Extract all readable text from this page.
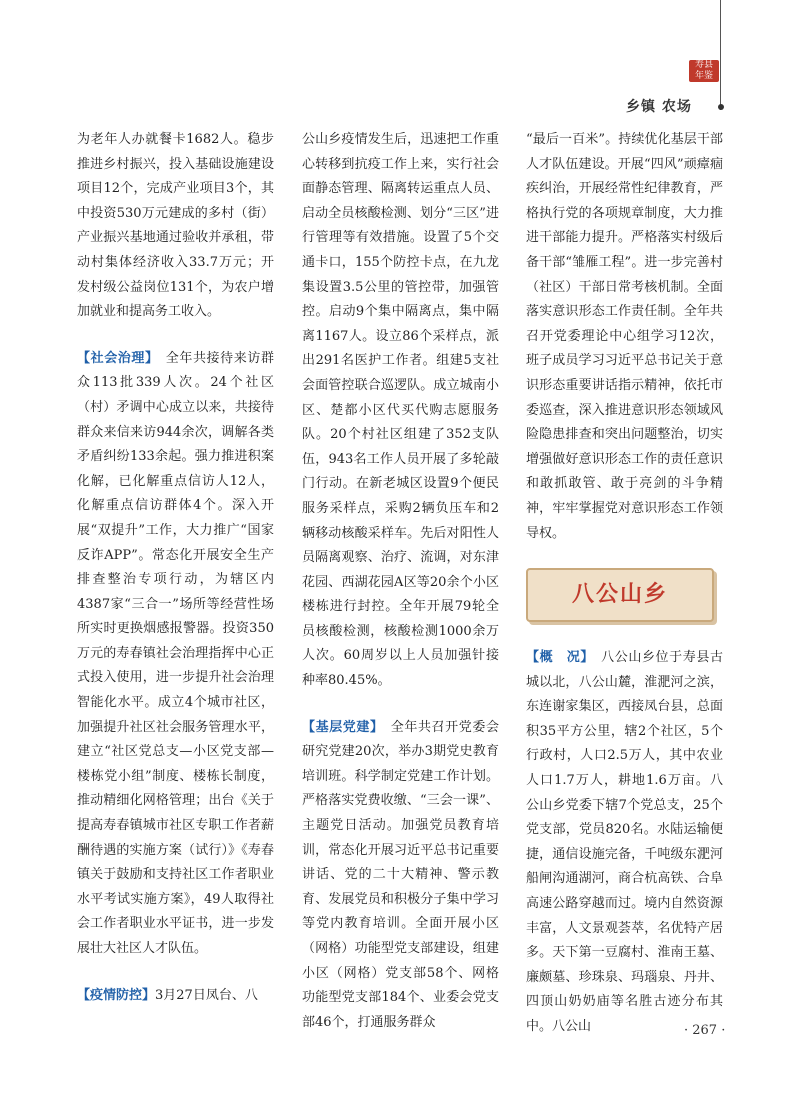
寿县
年鉴
乡镇 农场

为老年人办就餐卡1682人。稳步推进乡村振兴，投入基础设施建设项目12个，完成产业项目3个，其中投资530万元建成的多村（街）产业振兴基地通过验收并承租，带动村集体经济收入33.7万元；开发村级公益岗位131个，为农户增加就业和提高务工收入。

【社会治理】　 全年共接待来访群众113批339人次。24个社区（村）矛调中心成立以来，共接待群众来信来访944余次，调解各类矛盾纠纷133余起。强力推进积案化解，已化解重点信访人12人，化解重点信访群体4个。深入开展“双提升”工作，大力推广“国家反诈APP”。常态化开展安全生产排查整治专项行动，为辖区内4387家“三合一”场所等经营性场所实时更换烟感报警器。投资350万元的寿春镇社会治理指挥中心正式投入使用，进一步提升社会治理智能化水平。成立4个城市社区，加强提升社区社会服务管理水平，建立“社区党总支—小区党支部—楼栋党小组”制度、楼栋长制度，推动精细化网格管理；出台《关于提高寿春镇城市社区专职工作者薪酬待遇的实施方案（试行）》《寿春镇关于鼓励和支持社区工作者职业水平考试实施方案》，49人取得社会工作者职业水平证书，进一步发展壮大社区人才队伍。

【疫情防控】3月27日凤台、八

公山乡疫情发生后，迅速把工作重心转移到抗疫工作上来，实行社会面静态管理、隔离转运重点人员、启动全员核酸检测、划分“三区”进行管理等有效措施。设置了5个交通卡口，155个防控卡点，在九龙集设置3.5公里的管控带，加强管控。启动9个集中隔离点，集中隔离1167人。设立86个采样点，派出291名医护工作者。组建5支社会面管控联合巡逻队。成立城南小区、楚都小区代买代购志愿服务队。20个村社区组建了352支队伍，943名工作人员开展了多轮敲门行动。在新老城区设置9个便民服务采样点，采购2辆负压车和2辆移动核酸采样车。先后对阳性人员隔离观察、治疗、流调，对东津花园、西湖花园A区等20余个小区楼栋进行封控。全年开展79轮全员核酸检测，核酸检测1000余万人次。60周岁以上人员加强针接种率80.45%。

【基层党建】　 全年共召开党委会研究党建20次，举办3期党史教育培训班。科学制定党建工作计划。严格落实党费收缴、“三会一课”、主题党日活动。加强党员教育培训，常态化开展习近平总书记重要讲话、党的二十大精神、警示教育、发展党员和积极分子集中学习等党内教育培训。全面开展小区（网格）功能型党支部建设，组建小区（网格）党支部58个、网格功能型党支部184个、业委会党支部46个，打通服务群众

“最后一百米”。持续优化基层干部人才队伍建设。开展“四风”顽瘴痼疾纠治，开展经常性纪律教育，严格执行党的各项规章制度，大力推进干部能力提升。严格落实村级后备干部“雏雁工程”。进一步完善村（社区）干部日常考核机制。全面落实意识形态工作责任制。全年共召开党委理论中心组学习12次，班子成员学习习近平总书记关于意识形态重要讲话指示精神，依托市委巡查，深入推进意识形态领域风险隐患排查和突出问题整治，切实增强做好意识形态工作的责任意识和敢抓敢管、敢于亮剑的斗争精神，牢牢掌握党对意识形态工作领导权。

八公山乡

【概　况】　 八公山乡位于寿县古城以北，八公山麓，淮淝河之滨，东连谢家集区，西接凤台县，总面积35平方公里，辖2个社区，5个行政村，人口2.5万人，其中农业人口1.7万人，耕地1.6万亩。八公山乡党委下辖7个党总支，25个党支部，党员820名。水陆运输便捷，通信设施完备，千吨级东淝河船闸沟通湖河，商合杭高铁、合阜高速公路穿越而过。境内自然资源丰富，人文景观荟萃，名优特产居多。天下第一豆腐村、淮南王墓、廉颇墓、珍珠泉、玛瑙泉、丹井、四顶山奶奶庙等名胜古迹分布其中。八公山	· 267 ·
